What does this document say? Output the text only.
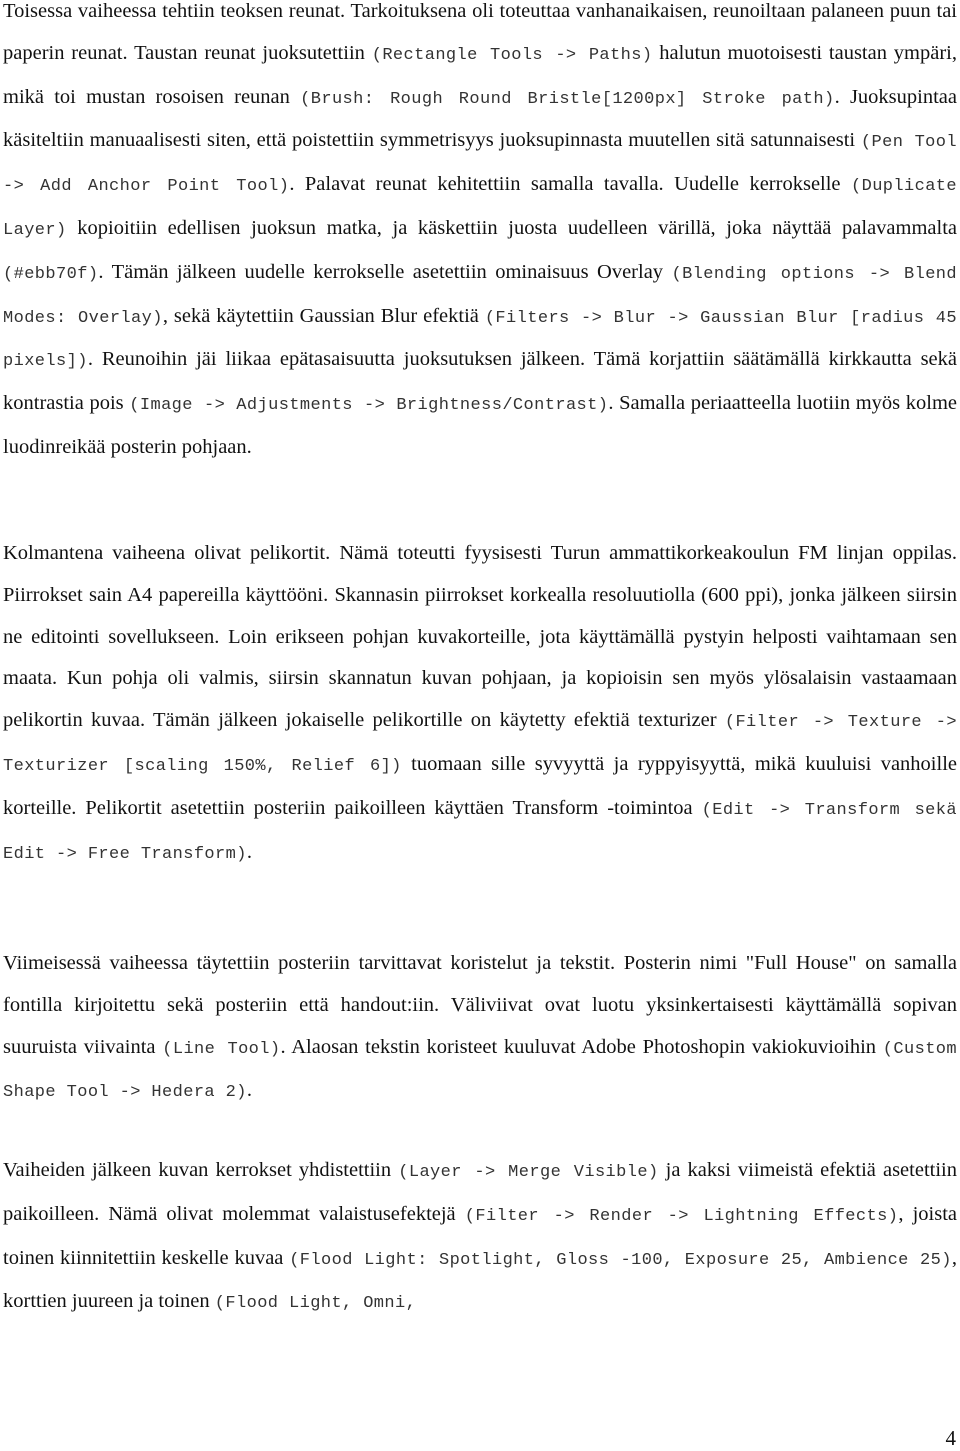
Toisessa vaiheessa tehtiin teoksen reunat. Tarkoituksena oli toteuttaa vanhanaikaisen, reunoiltaan palaneen puun tai paperin reunat. Taustan reunat juoksutettiin (Rectangle Tools -> Paths) halutun muotoisesti taustan ympäri, mikä toi mustan rosoisen reunan (Brush: Rough Round Bristle[1200px] Stroke path). Juoksupintaa käsiteltiin manuaalisesti siten, että poistettiin symmetrisyys juoksupinnasta muutellen sitä satunnaisesti (Pen Tool -> Add Anchor Point Tool). Palavat reunat kehitettiin samalla tavalla. Uudelle kerrokselle (Duplicate Layer) kopioitiin edellisen juoksun matka, ja käskettiin juosta uudelleen värillä, joka näyttää palavammalta (#ebb70f). Tämän jälkeen uudelle kerrokselle asetettiin ominaisuus Overlay (Blending options -> Blend Modes: Overlay), sekä käytettiin Gaussian Blur efektiä (Filters -> Blur -> Gaussian Blur [radius 45 pixels]). Reunoihin jäi liikaa epätasaisuutta juoksutuksen jälkeen. Tämä korjattiin säätämällä kirkkautta sekä kontrastia pois (Image -> Adjustments -> Brightness/Contrast). Samalla periaatteella luotiin myös kolme luodinreikää posterin pohjaan.

Kolmantena vaiheena olivat pelikortit. Nämä toteutti fyysisesti Turun ammattikorkeakoulun FM linjan oppilas. Piirrokset sain A4 papereilla käyttööni. Skannasin piirrokset korkealla resoluutiolla (600 ppi), jonka jälkeen siirsin ne editointi sovellukseen. Loin erikseen pohjan kuvakorteille, jota käyttämällä pystyin helposti vaihtamaan sen maata. Kun pohja oli valmis, siirsin skannatun kuvan pohjaan, ja kopioisin sen myös ylösalaisin vastaamaan pelikortin kuvaa. Tämän jälkeen jokaiselle pelikortille on käytetty efektiä texturizer (Filter -> Texture -> Texturizer [scaling 150%, Relief 6]) tuomaan sille syvyyttä ja ryppyisyyttä, mikä kuuluisi vanhoille korteille. Pelikortit asetettiin posteriin paikoilleen käyttäen Transform -toimintoa (Edit -> Transform sekä Edit -> Free Transform).

Viimeisessä vaiheessa täytettiin posteriin tarvittavat koristelut ja tekstit. Posterin nimi "Full House" on samalla fontilla kirjoitettu sekä posteriin että handout:iin. Väliviivat ovat luotu yksinkertaisesti käyttämällä sopivan suuruista viivainta (Line Tool). Alaosan tekstin koristeet kuuluvat Adobe Photoshopin vakiokuvioihin (Custom Shape Tool -> Hedera 2).

Vaiheiden jälkeen kuvan kerrokset yhdistettiin (Layer -> Merge Visible) ja kaksi viimeistä efektiä asetettiin paikoilleen. Nämä olivat molemmat valaistusefektejä (Filter -> Render -> Lightning Effects), joista toinen kiinnitettiin keskelle kuvaa (Flood Light: Spotlight, Gloss -100, Exposure 25, Ambience 25), korttien juureen ja toinen (Flood Light, Omni,

4
